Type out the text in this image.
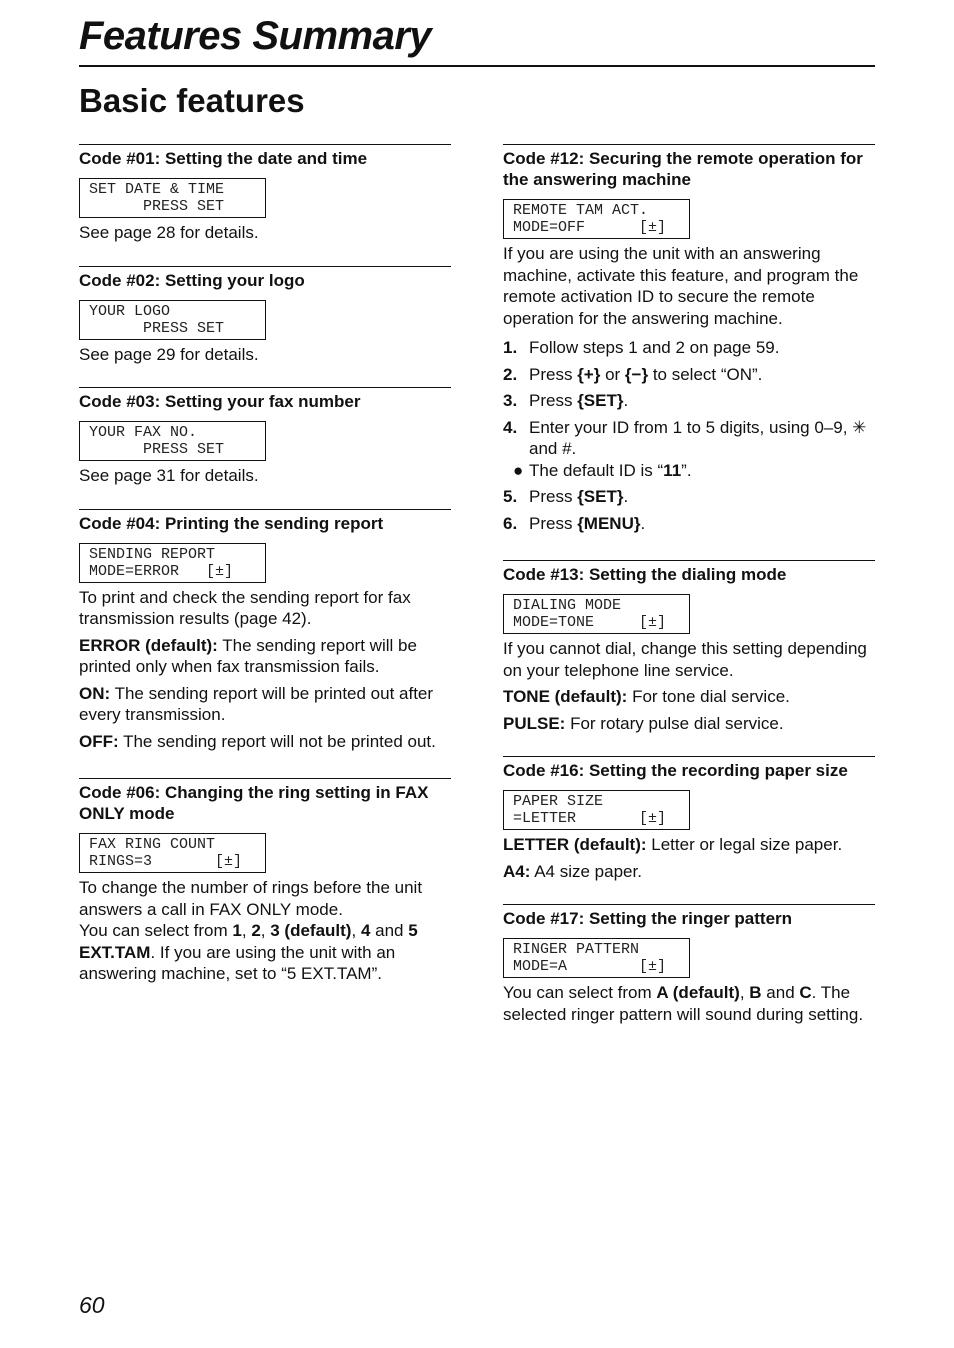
Features Summary
Basic features

Code #01: Setting the date and time

SET DATE & TIME
PRESS SET

See page 28 for details.

Code #02: Setting your logo

YOUR LOGO
PRESS SET

See page 29 for details.

Code #03: Setting your fax number

YOUR FAX NO.
PRESS SET

See page 31 for details.

Code #04: Printing the sending report

SENDING REPORT
MODE=ERROR   [±]

To print and check the sending report for fax transmission results (page 42).

ERROR (default): The sending report will be printed only when fax transmission fails.

ON: The sending report will be printed out after every transmission.

OFF: The sending report will not be printed out.

Code #06: Changing the ring setting in FAX ONLY mode

FAX RING COUNT
RINGS=3       [±]

To change the number of rings before the unit answers a call in FAX ONLY mode.

You can select from 1, 2, 3 (default), 4 and 5 EXT.TAM. If you are using the unit with an answering machine, set to “5 EXT.TAM”.

Code #12: Securing the remote operation for the answering machine

REMOTE TAM ACT.
MODE=OFF      [±]

If you are using the unit with an answering machine, activate this feature, and program the remote activation ID to secure the remote operation for the answering machine.

1. Follow steps 1 and 2 on page 59.
2. Press {+} or {−} to select “ON”.
3. Press {SET}.
4. Enter your ID from 1 to 5 digits, using 0–9, ✳ and #.
● The default ID is “11”.
5. Press {SET}.
6. Press {MENU}.

Code #13: Setting the dialing mode

DIALING MODE
MODE=TONE     [±]

If you cannot dial, change this setting depending on your telephone line service.

TONE (default): For tone dial service.

PULSE: For rotary pulse dial service.

Code #16: Setting the recording paper size

PAPER SIZE
=LETTER       [±]

LETTER (default): Letter or legal size paper.

A4: A4 size paper.

Code #17: Setting the ringer pattern

RINGER PATTERN
MODE=A        [±]

You can select from A (default), B and C. The selected ringer pattern will sound during setting.

60
